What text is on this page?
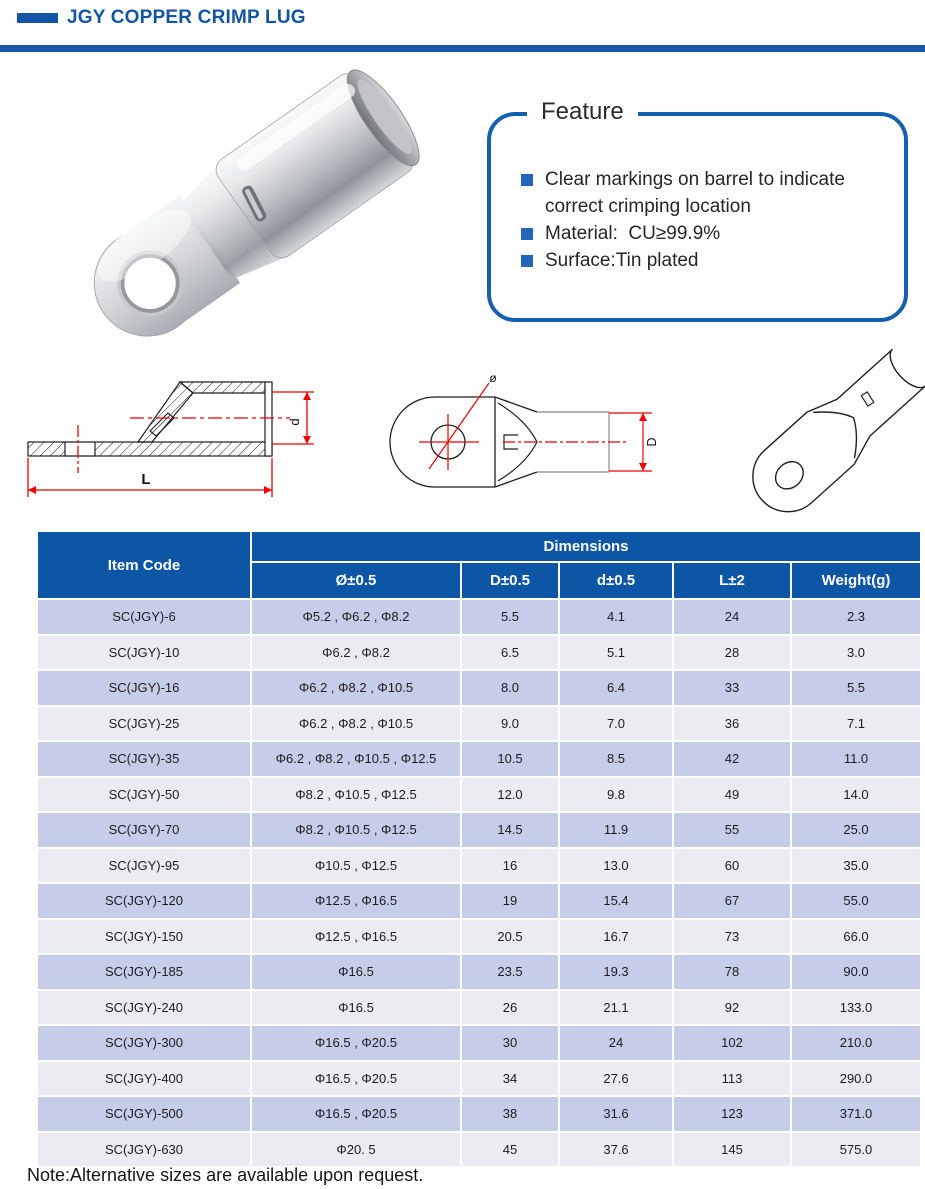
JGY COPPER CRIMP LUG
Feature
Clear markings on barrel to indicate correct crimping location
Material:  CU≥99.9%
Surface:Tin plated
d
L
ø
D
Item Code	Dimensions				
	Ø±0.5	D±0.5	d±0.5	L±2	Weight(g)
SC(JGY)-6	Φ5.2 , Φ6.2 , Φ8.2	5.5	4.1	24	2.3
SC(JGY)-10	Φ6.2 , Φ8.2	6.5	5.1	28	3.0
SC(JGY)-16	Φ6.2 , Φ8.2 , Φ10.5	8.0	6.4	33	5.5
SC(JGY)-25	Φ6.2 , Φ8.2 , Φ10.5	9.0	7.0	36	7.1
SC(JGY)-35	Φ6.2 , Φ8.2 , Φ10.5 , Φ12.5	10.5	8.5	42	11.0
SC(JGY)-50	Φ8.2 , Φ10.5 , Φ12.5	12.0	9.8	49	14.0
SC(JGY)-70	Φ8.2 , Φ10.5 , Φ12.5	14.5	11.9	55	25.0
SC(JGY)-95	Φ10.5 , Φ12.5	16	13.0	60	35.0
SC(JGY)-120	Φ12.5 , Φ16.5	19	15.4	67	55.0
SC(JGY)-150	Φ12.5 , Φ16.5	20.5	16.7	73	66.0
SC(JGY)-185	Φ16.5	23.5	19.3	78	90.0
SC(JGY)-240	Φ16.5	26	21.1	92	133.0
SC(JGY)-300	Φ16.5 , Φ20.5	30	24	102	210.0
SC(JGY)-400	Φ16.5 , Φ20.5	34	27.6	113	290.0
SC(JGY)-500	Φ16.5 , Φ20.5	38	31.6	123	371.0
SC(JGY)-630	Φ20. 5	45	37.6	145	575.0
Note:Alternative sizes are available upon request.
